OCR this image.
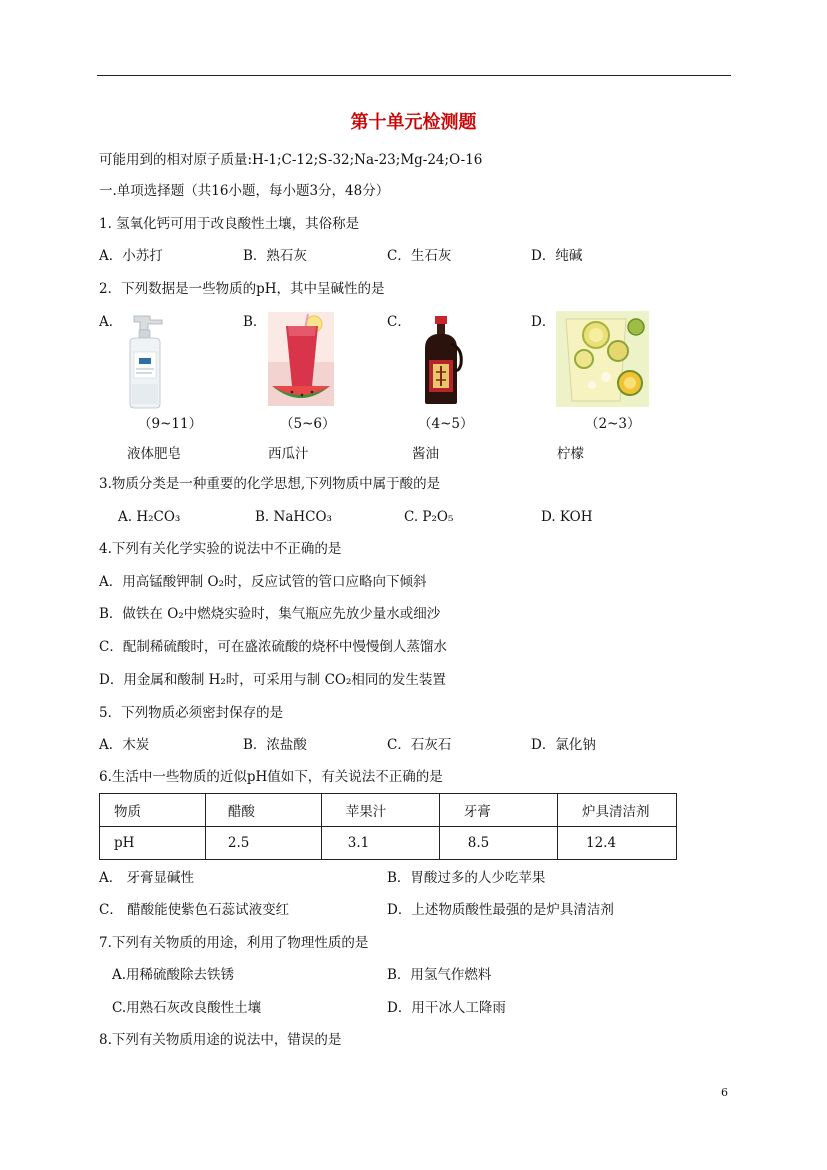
第十单元检测题
可能用到的相对原子质量:H-1;C-12;S-32;Na-23;Mg-24;O-16
一.单项选择题（共16小题，每小题3分，48分）
1. 氢氧化钙可用于改良酸性土壤，其俗称是
A．小苏打	B．熟石灰	C．生石灰	D．纯碱
2．下列数据是一些物质的pH，其中呈碱性的是
A．	B．	C．	D．
（9~11）	（5~6）	（4~5）	（2~3）
液体肥皂	西瓜汁	酱油	柠檬
3.物质分类是一种重要的化学思想,下列物质中属于酸的是
A. H₂CO₃	B. NaHCO₃	C. P₂O₅	D. KOH
4.下列有关化学实验的说法中不正确的是
A．用高锰酸钾制 O₂时，反应试管的管口应略向下倾斜
B．做铁在 O₂中燃烧实验时，集气瓶应先放少量水或细沙
C．配制稀硫酸时，可在盛浓硫酸的烧杯中慢慢倒人蒸馏水
D．用金属和酸制 H₂时，可采用与制 CO₂相同的发生装置
5．下列物质必须密封保存的是
A．木炭	B．浓盐酸	C．石灰石	D．氯化钠
6.生活中一些物质的近似pH值如下，有关说法不正确的是
物质	醋酸	苹果汁	牙膏	炉具清洁剂
pH	2.5	3.1	8.5	12.4
A． 牙膏显碱性	B．胃酸过多的人少吃苹果
C． 醋酸能使紫色石蕊试液变红	D．上述物质酸性最强的是炉具清洁剂
7.下列有关物质的用途，利用了物理性质的是
A.用稀硫酸除去铁锈	B．用氢气作燃料
C.用熟石灰改良酸性土壤	D．用干冰人工降雨
8.下列有关物质用途的说法中，错误的是
6
